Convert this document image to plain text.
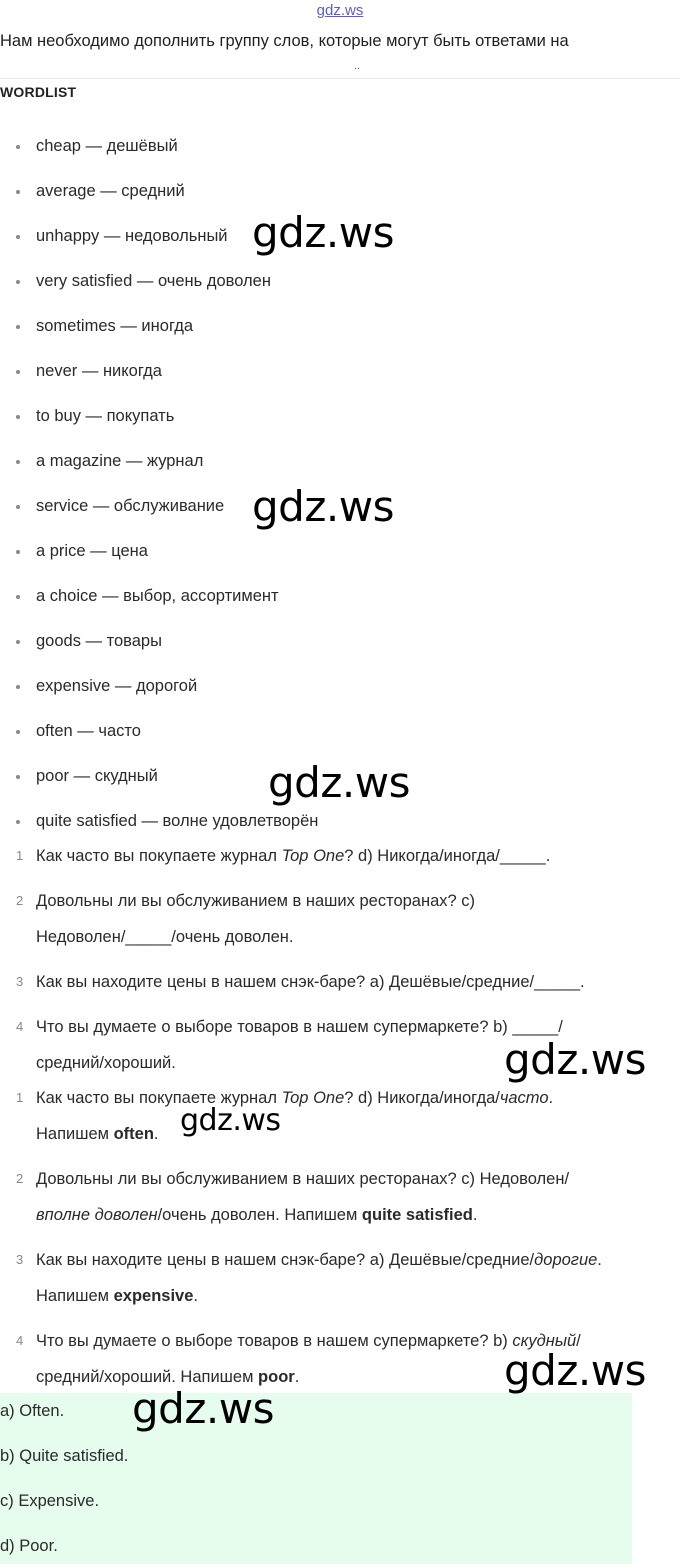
gdz.ws
Нам необходимо дополнить группу слов, которые могут быть ответами на
..
WORDLIST
cheap — дешёвый
average — средний
unhappy — недовольный
very satisfied — очень доволен
sometimes — иногда
never — никогда
to buy — покупать
a magazine — журнал
service — обслуживание
a price — цена
a choice — выбор, ассортимент
goods — товары
expensive — дорогой
often — часто
poor — скудный
quite satisfied — волне удовлетворён
1 Как часто вы покупаете журнал Top One? d) Никогда/иногда/_____.
2 Довольны ли вы обслуживанием в наших ресторанах? c)
Недоволен/_____/очень доволен.
3 Как вы находите цены в нашем снэк-баре? a) Дешёвые/средние/_____.
4 Что вы думаете о выборе товаров в нашем супермаркете? b) _____/
средний/хороший.
1 Как часто вы покупаете журнал Top One? d) Никогда/иногда/часто.
Напишем often.
2 Довольны ли вы обслуживанием в наших ресторанах? c) Недоволен/
вполне доволен/очень доволен. Напишем quite satisfied.
3 Как вы находите цены в нашем снэк-баре? a) Дешёвые/средние/дорогие.
Напишем expensive.
4 Что вы думаете о выборе товаров в нашем супермаркете? b) скудный/
средний/хороший. Напишем poor.
a) Often.
b) Quite satisfied.
c) Expensive.
d) Poor.
gdz.ws
gdz.ws
gdz.ws
gdz.ws
gdz.ws
gdz.ws
gdz.ws
